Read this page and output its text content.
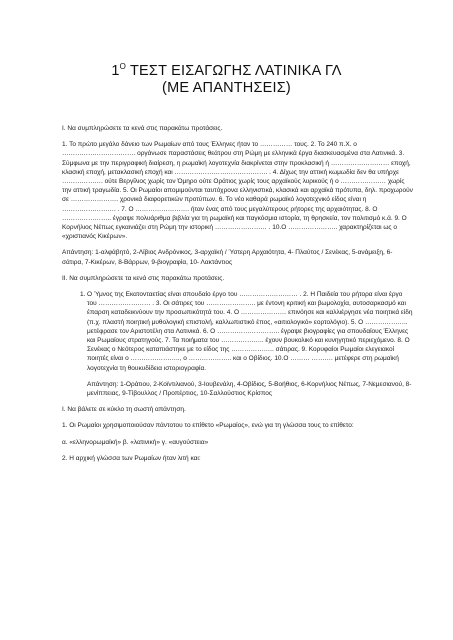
$1^O$ ΤΕΣΤ ΕΙΣΑΓΩΓΗΣ ΛΑΤΙΝΙΚΑ ΓΛ
(ΜΕ ΑΠΑΝΤΗΣΕΙΣ)

Ι. Να συμπληρώσετε τα κενά στις παρακάτω προτάσεις.

1. Το πρώτο μεγάλο δάνειο των Ρωμαίων από τους Έλληνες ήταν το …………… τους. 2. Το 240 π.Χ. ο ……………………………. οργάνωσε παραστάσεις θεάτρου στη Ρώμη με ελληνικά έργα διασκευασμένα στα Λατινικά. 3. Σύμφωνα με την περιγραφική διαίρεση, η ρωμαϊκή λογοτεχνία διακρίνεται στην προκλασική ή ……………………… εποχή, κλασική εποχή, μετακλασική εποχή και ……………………………………. . 4. Δίχως την αττική κωμωδία δεν θα υπήρχε ………………. ούτε Βεργίλιος χωρίς τον Όμηρο ούτε Οράτιος χωρίς τους αρχαϊκούς λυρικούς ή ο ………………… χωρίς την αττική τραγωδία. 5. Οι Ρωμαίοι απομιμούνται ταυτόχρονα ελληνιστικά, κλασικά και αρχαϊκά πρότυπα, δηλ. προχωρούν σε …………………. χρονικά διαφορετικών προτύπων. 6. Το νέο καθαρά ρωμαϊκό λογοτεχνικό είδος είναι η ……………………. . 7. Ο ……………………. ήταν ένας από τους μεγαλύτερους ρήτορες της αρχαιότητας. 8. Ο ………………….. έγραψε πολυάριθμα βιβλία για τη ρωμαϊκή και παγκόσμια ιστορία, τη θρησκεία, τον πολιτισμό κ.ά. 9. Ο Κορνήλιος Νέπως εγκαινιάζει στη Ρώμη την ιστορική …………………… . 10.Ο ………………….. χαρακτηρίζεται ως ο «χριστιανός Κικέρων».

Απάντηση: 1-αλφάβητό, 2-Λίβιος Ανδρόνικος, 3-αρχαϊκή / Ύστερη Αρχαιότητα, 4- Πλαύτος / Σενέκας, 5-ανάμειξη, 6-σάτιρα, 7-Κικέρων, 8-Βάρρων, 9-βιογραφία, 10- Λακτάντιος

ΙΙ. Να συμπληρώσετε τα κενά στις παρακάτω προτάσεις.

1. Ο Ύμνος της Εκατονταετίας είναι σπουδαίο έργο του ……………………… . 2. Η Παιδεία του ρήτορα είναι έργο του …………………… . 3. Οι σάτιρες του ………………….. με έντονη κριτική και βωμολοχία, αυτοσαρκασμό και έπαρση καταδεικνύουν την προσωπικότητά του. 4. Ο ………………… επινόησε και καλλιέργησε νέα ποιητικά είδη (π.χ. πλαστή ποιητική μυθολογική επιστολή, καλλωπιστικό έπος, «αιτιολογικό» εορτολόγιο). 5. Ο ……………….. μετέφρασε τον Αριστοτέλη στα Λατινικά. 6. Ο ……………………….. έγραψε βιογραφίες για σπουδαίους Έλληνες και Ρωμαίους στρατηγούς. 7. Τα ποιήματα του ……………….. έχουν βουκολικό και κυνηγητικό περιεχόμενο. 8. Ο Σενέκας ο Νεότερος καταπιάστηκε με το είδος της ……………….. σάτιρας. 9. Κορυφαίοι Ρωμαίοι ελεγειακοί ποιητές είναι ο ………………….., ο ……………….. και ο Οβίδιος. 10.Ο ……… ………. μετέφερε στη ρωμαϊκή λογοτεχνία τη θουκυδίδεια ιστοριογραφία.

Απάντηση: 1-Οράτιου, 2-Κοϊντιλιανού, 3-Ιουβενάλη, 4-Οβίδιος, 5-Βοήθιος, 6-Κορνήλιος Νέπως, 7-Νεμεσιανού, 8-μενίππειας, 9-Τίβουλλος / Προπέρτιος, 10-Σαλλούστιος Κρίσπος

Ι. Να βάλετε σε κύκλο τη σωστή απάντηση.

1. Οι Ρωμαίοι χρησιμοποιούσαν πάντοτου το επίθετο «Ρωμαίος», ενώ για τη γλώσσα τους το επίθετο:

α. «ελληνορωμαϊκή» β. «λατινική» γ. «αυγούστεια»

2. Η αρχική γλώσσα των Ρωμαίων ήταν λιτή και:
